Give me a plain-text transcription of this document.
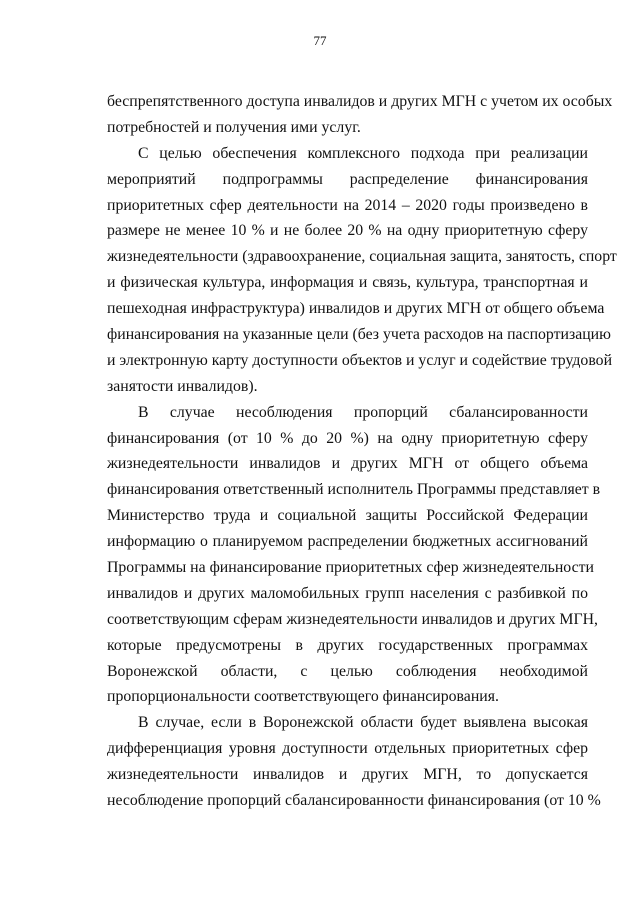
77
беспрепятственного доступа инвалидов и других МГН с учетом их особых
потребностей и получения ими услуг.
С целью обеспечения комплексного подхода при реализации
мероприятий подпрограммы распределение финансирования
приоритетных сфер деятельности на 2014 – 2020 годы произведено в
размере не менее 10 % и не более 20 % на одну приоритетную сферу
жизнедеятельности (здравоохранение, социальная защита, занятость, спорт
и физическая культура, информация и связь, культура, транспортная и
пешеходная инфраструктура) инвалидов и других МГН от общего объема
финансирования на указанные цели (без учета расходов на паспортизацию
и электронную карту доступности объектов и услуг и содействие трудовой
занятости инвалидов).
В случае несоблюдения пропорций сбалансированности
финансирования (от 10 % до 20 %) на одну приоритетную сферу
жизнедеятельности инвалидов и других МГН от общего объема
финансирования ответственный исполнитель Программы представляет в
Министерство труда и социальной защиты Российской Федерации
информацию о планируемом распределении бюджетных ассигнований
Программы на финансирование приоритетных сфер жизнедеятельности
инвалидов и других маломобильных групп населения с разбивкой по
соответствующим сферам жизнедеятельности инвалидов и других МГН,
которые предусмотрены в других государственных программах
Воронежской области, с целью соблюдения необходимой
пропорциональности соответствующего финансирования.
В случае, если в Воронежской области будет выявлена высокая
дифференциация уровня доступности отдельных приоритетных сфер
жизнедеятельности инвалидов и других МГН, то допускается
несоблюдение пропорций сбалансированности финансирования (от 10 %
